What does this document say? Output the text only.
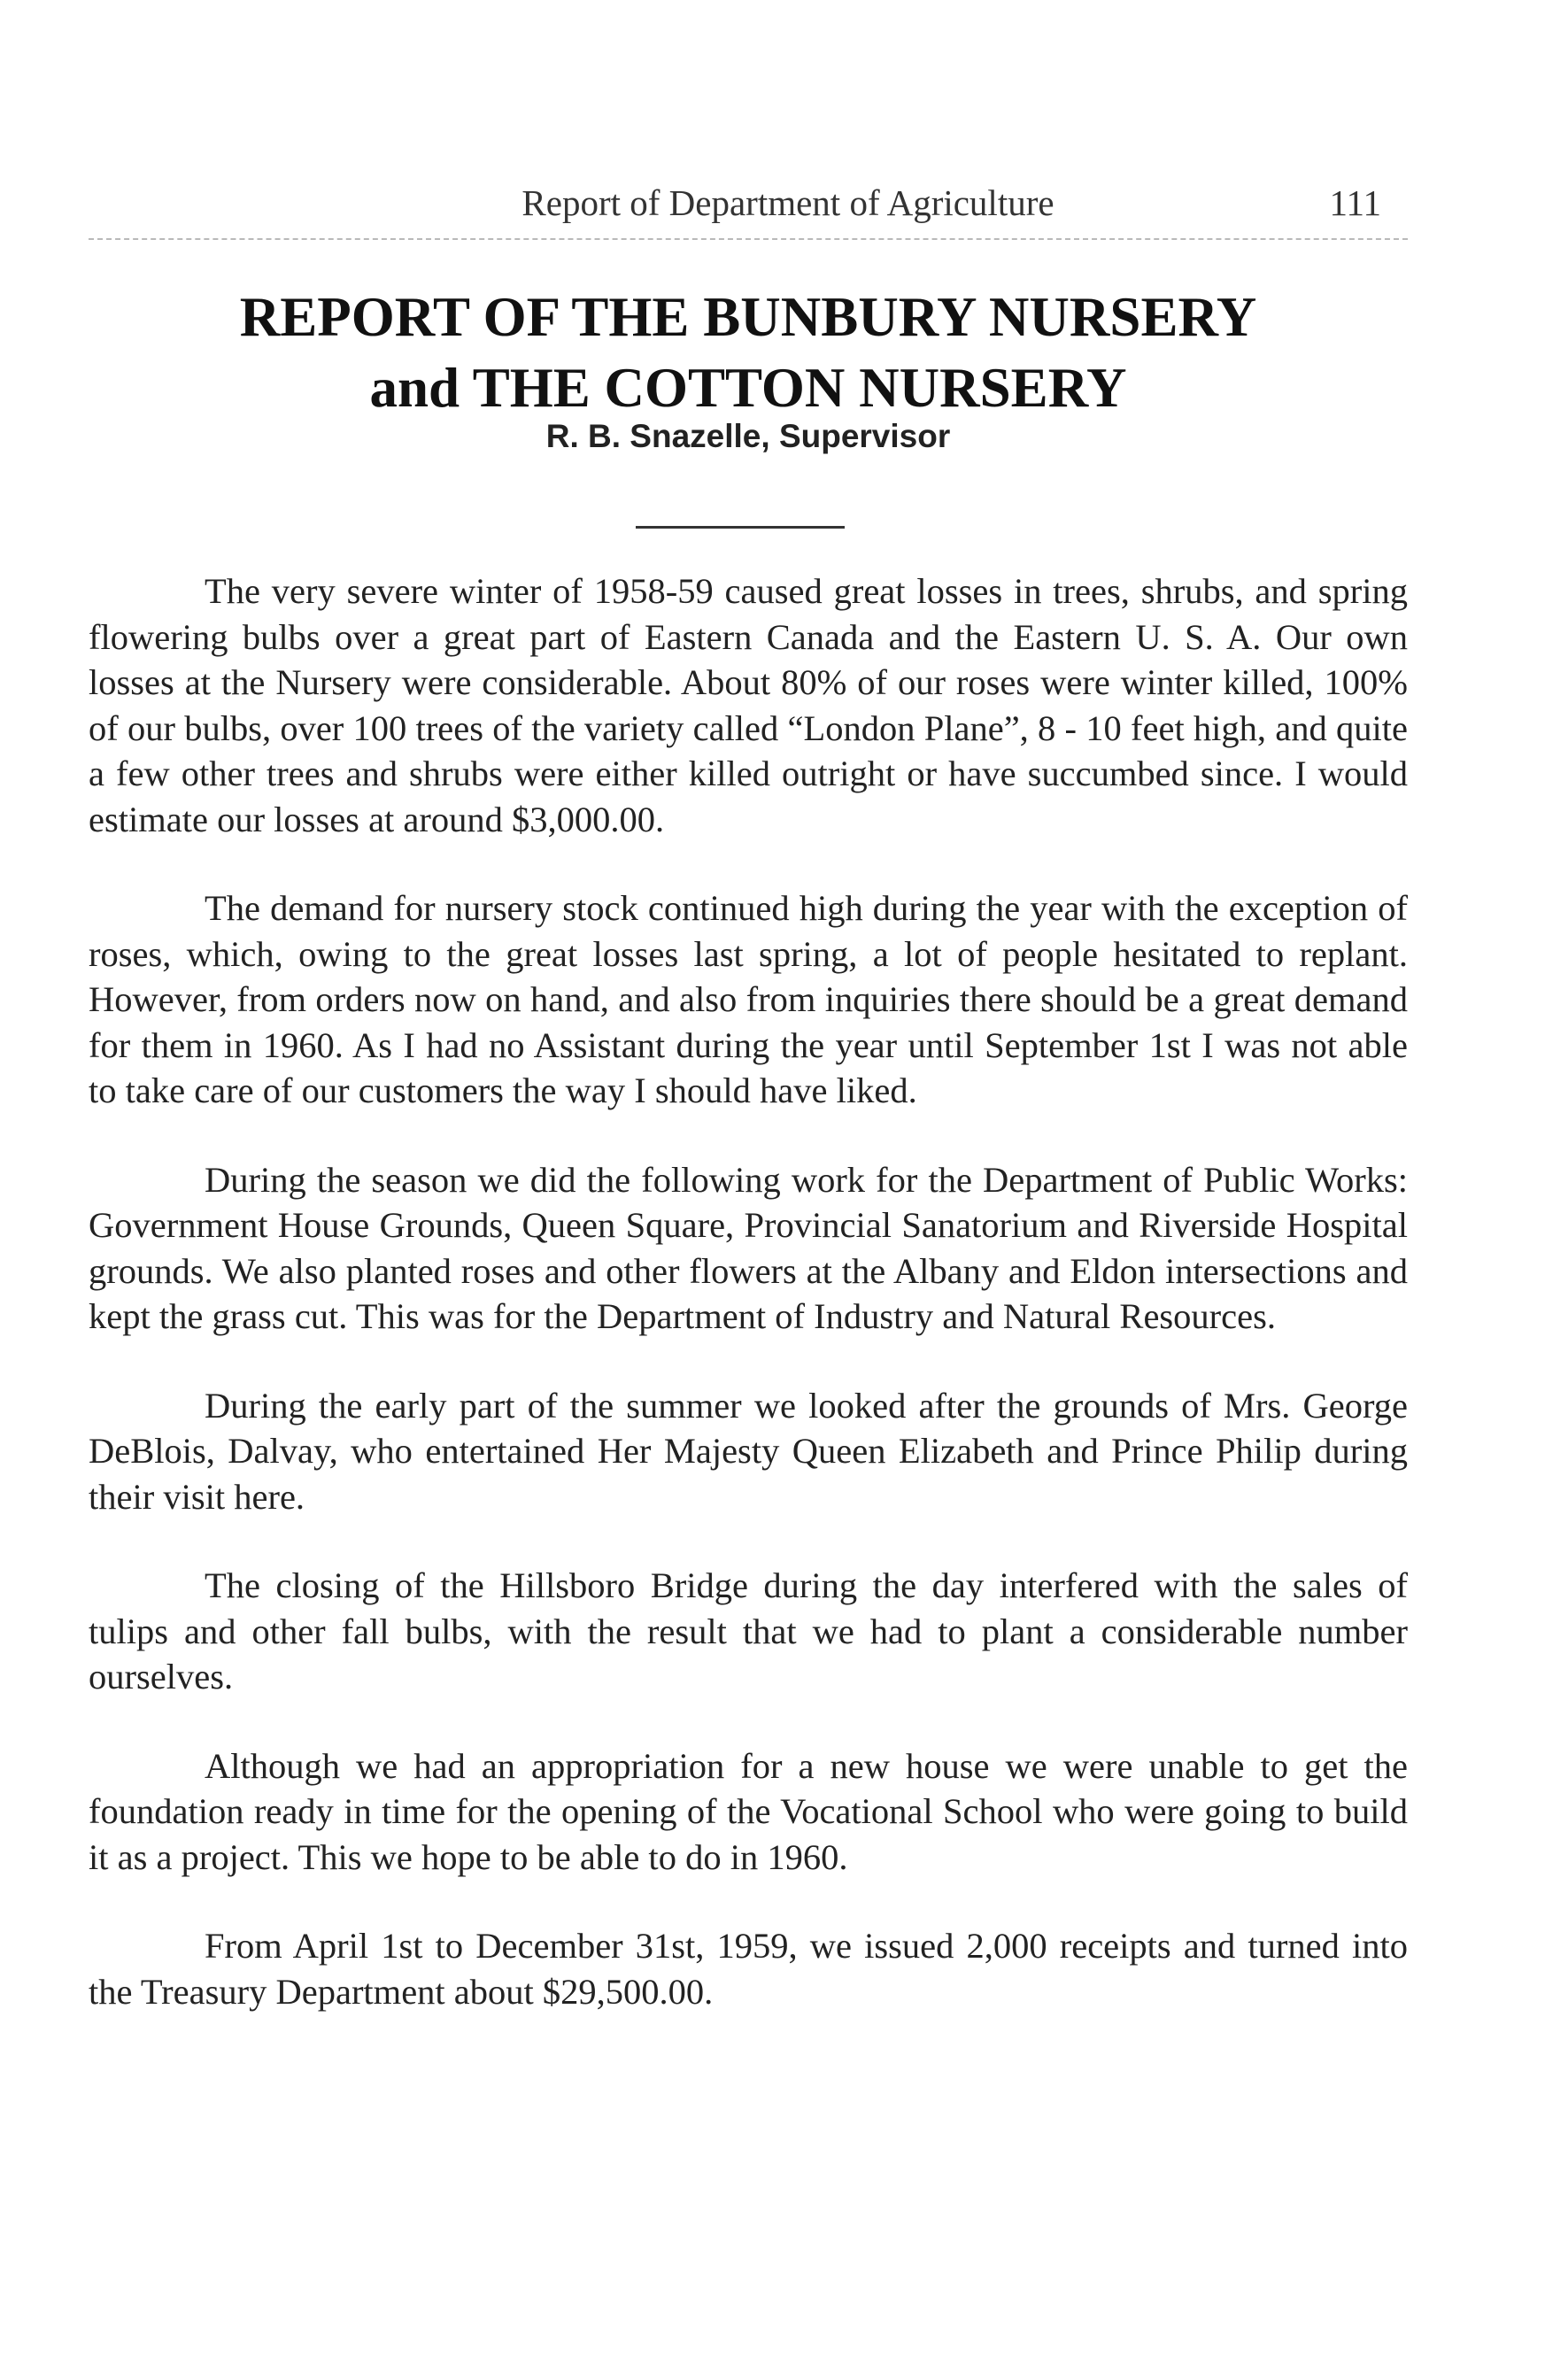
Report of Department of Agriculture	111
REPORT OF THE BUNBURY NURSERY
and THE COTTON NURSERY
R. B. Snazelle, Supervisor

The very severe winter of 1958-59 caused great losses in trees, shrubs, and spring flowering bulbs over a great part of Eastern Canada and the Eastern U. S. A. Our own losses at the Nursery were considerable. About 80% of our roses were winter killed, 100% of our bulbs, over 100 trees of the variety called “London Plane”, 8 - 10 feet high, and quite a few other trees and shrubs were either killed outright or have succumbed since. I would estimate our losses at around $3,000.00.

The demand for nursery stock continued high during the year with the exception of roses, which, owing to the great losses last spring, a lot of people hesitated to replant. However, from orders now on hand, and also from inquiries there should be a great demand for them in 1960. As I had no Assistant during the year until September 1st I was not able to take care of our customers the way I should have liked.

During the season we did the following work for the Department of Public Works: Government House Grounds, Queen Square, Provincial Sanatorium and Riverside Hospital grounds. We also planted roses and other flowers at the Albany and Eldon intersections and kept the grass cut. This was for the Department of Industry and Natural Resources.

During the early part of the summer we looked after the grounds of Mrs. George DeBlois, Dalvay, who entertained Her Majesty Queen Elizabeth and Prince Philip during their visit here.

The closing of the Hillsboro Bridge during the day interfered with the sales of tulips and other fall bulbs, with the result that we had to plant a considerable number ourselves.

Although we had an appropriation for a new house we were unable to get the foundation ready in time for the opening of the Vocational School who were going to build it as a project. This we hope to be able to do in 1960.

From April 1st to December 31st, 1959, we issued 2,000 receipts and turned into the Treasury Department about $29,500.00.
